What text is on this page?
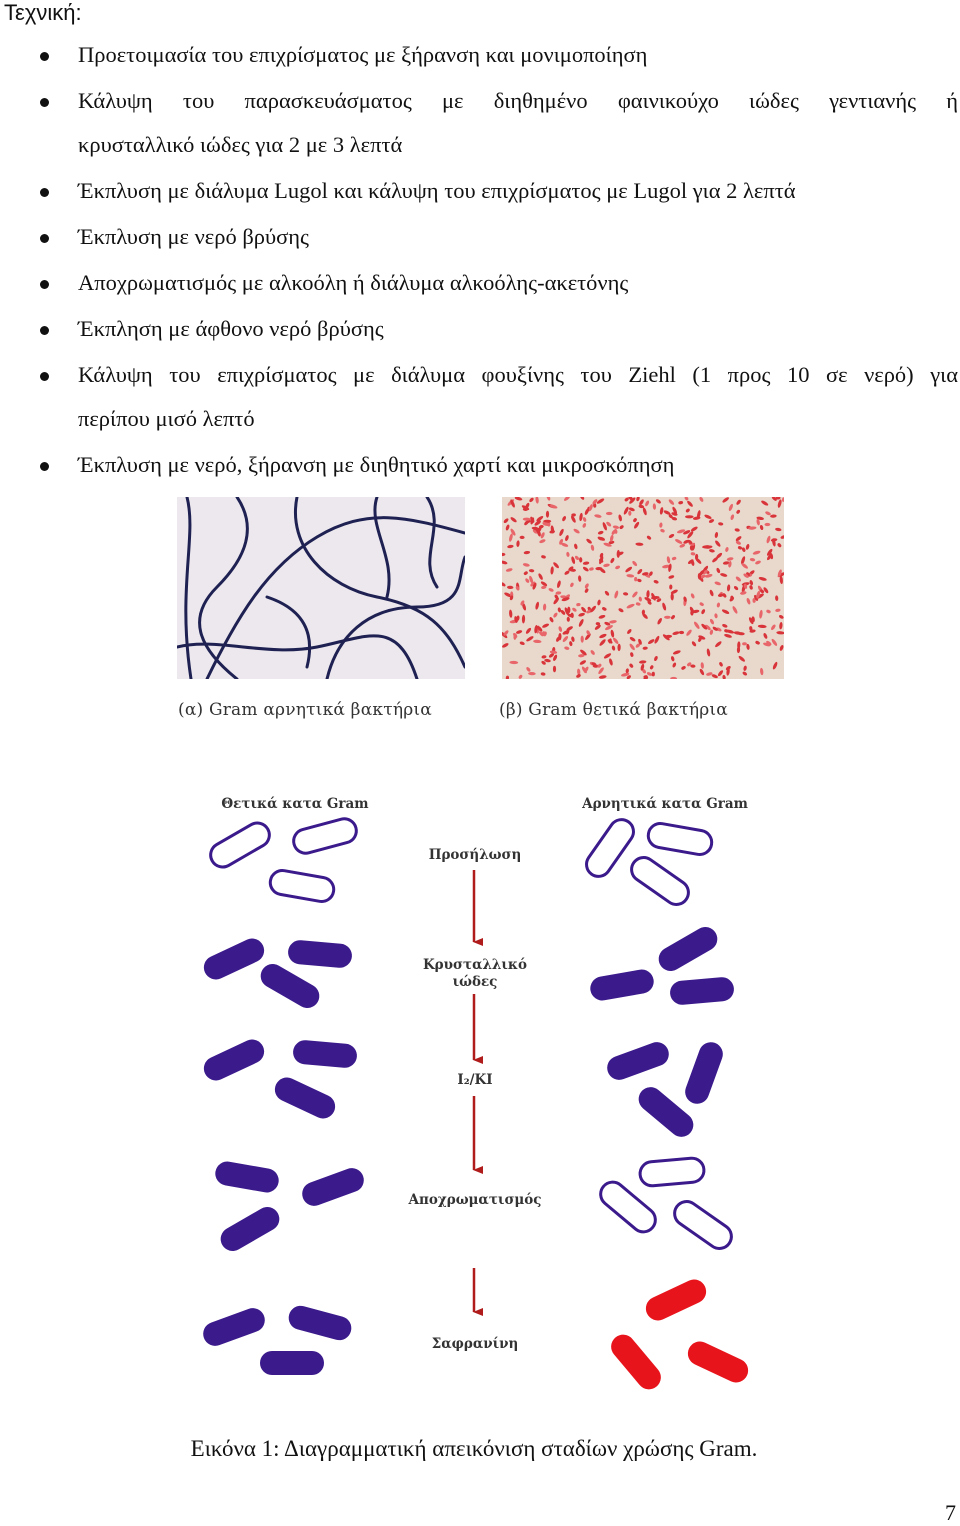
Τεχνική:
Προετοιμασία του επιχρίσματος με ξήρανση και μονιμοποίηση
Κάλυψη του παρασκευάσματος με διηθημένο φαινικούχο ιώδες γεντιανής ή
κρυσταλλικό ιώδες για 2 με 3 λεπτά
Έκπλυση με διάλυμα Lugol και κάλυψη του επιχρίσματος με Lugol για 2 λεπτά
Έκπλυση με νερό βρύσης
Αποχρωματισμός με αλκοόλη ή διάλυμα αλκοόλης-ακετόνης
Έκπληση με άφθονο νερό βρύσης
Κάλυψη του επιχρίσματος με διάλυμα φουξίνης του Ziehl (1 προς 10 σε νερό) για
περίπου μισό λεπτό
Έκπλυση με νερό, ξήρανση με διηθητικό χαρτί και μικροσκόπηση
(α) Gram αρνητικά βακτήρια	(β) Gram θετικά βακτήρια
Θετικά κατα Gram	Αρνητικά κατα Gram
Προσήλωση
Κρυσταλλικό
ιώδες
I₂/KI
Αποχρωματισμός
Σαφρανίνη
Εικόνα 1: Διαγραμματική απεικόνιση σταδίων χρώσης Gram.
7
